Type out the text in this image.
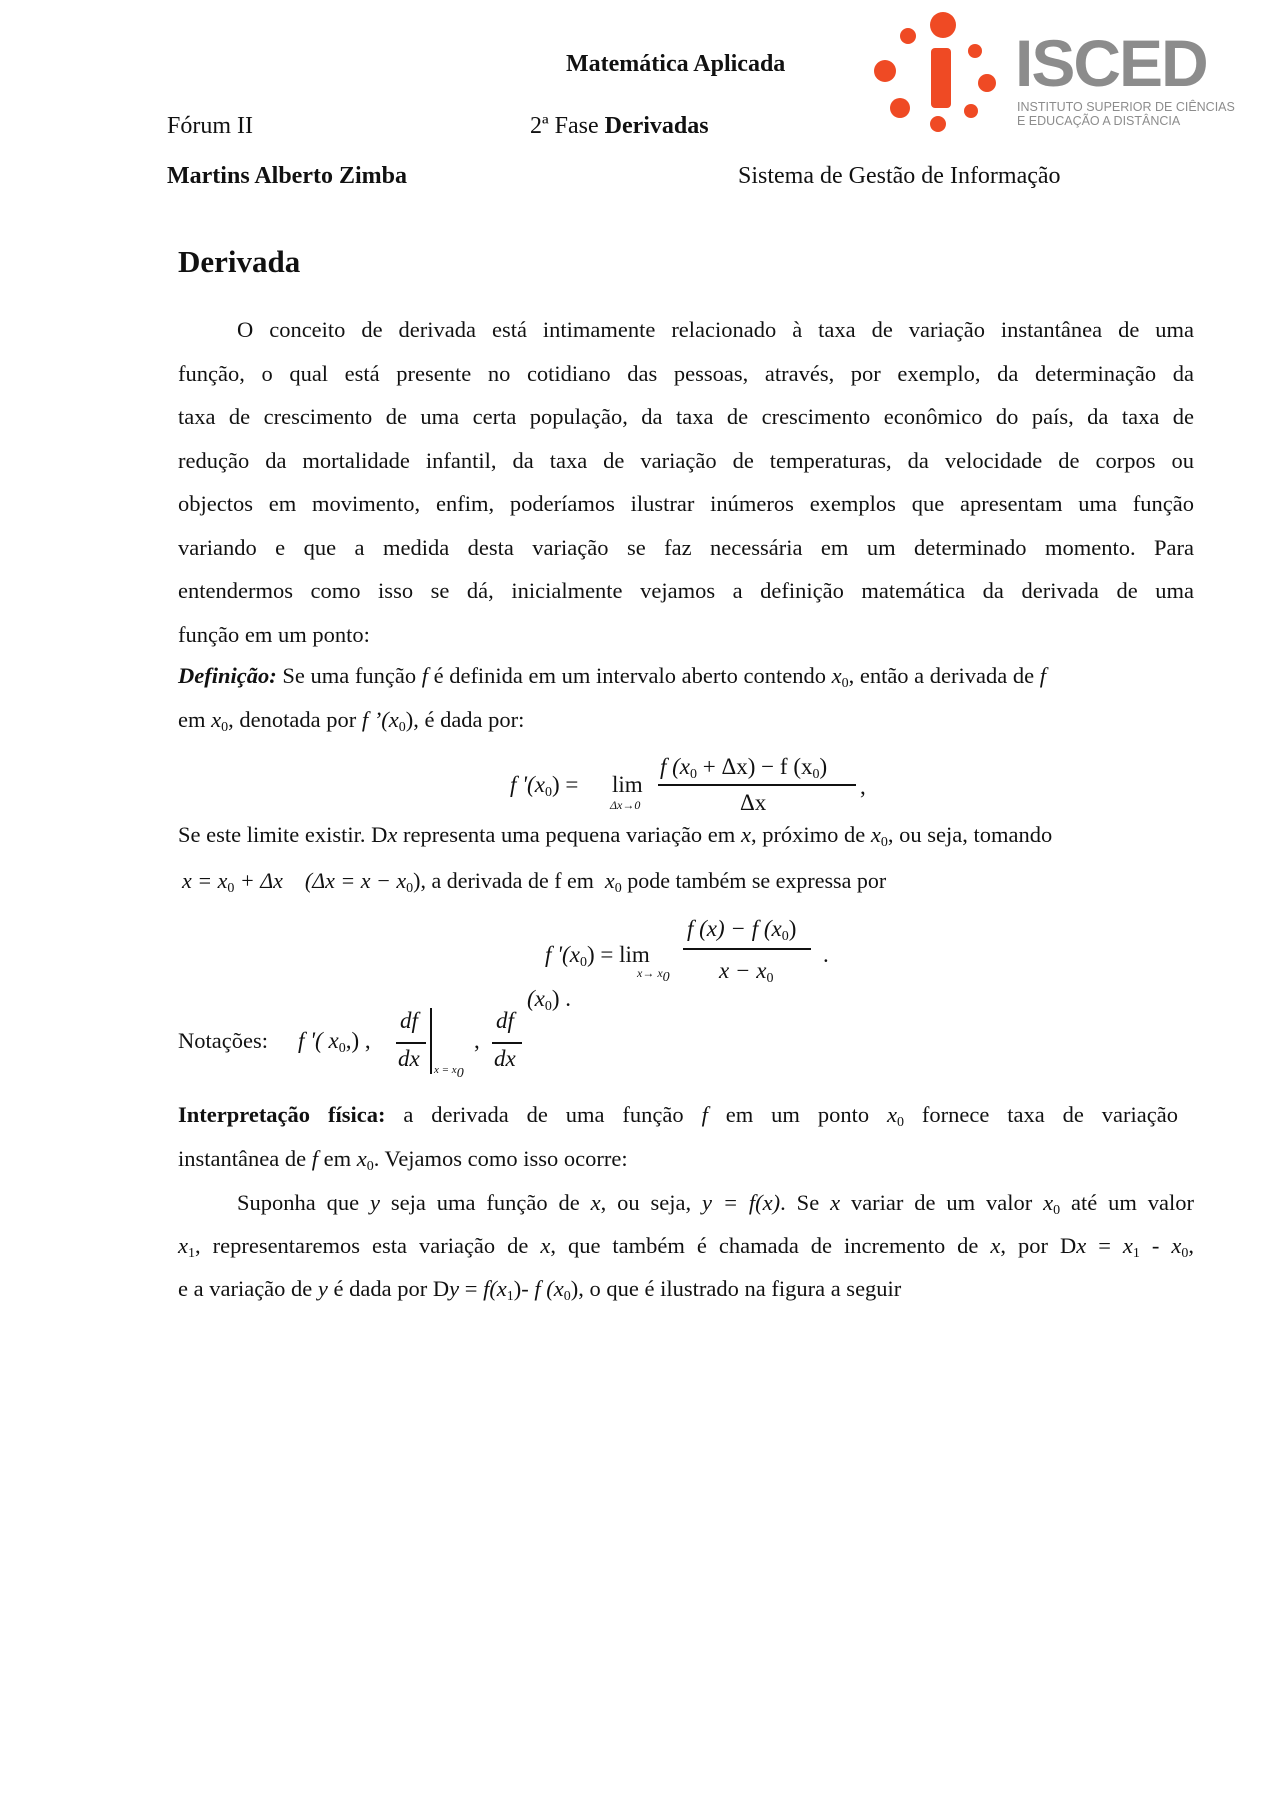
Matemática Aplicada
Fórum II	2ª Fase Derivadas
Martins Alberto Zimba	Sistema de Gestão de Informação
ISCED
INSTITUTO SUPERIOR DE CIÊNCIAS
E EDUCAÇÃO A DISTÂNCIA
Derivada
O conceito de derivada está intimamente relacionado à taxa de variação instantânea de uma
função, o qual está presente no cotidiano das pessoas, através, por exemplo, da determinação da
taxa de crescimento de uma certa população, da taxa de crescimento econômico do país, da taxa de
redução da mortalidade infantil, da taxa de variação de temperaturas, da velocidade de corpos ou
objectos em movimento, enfim, poderíamos ilustrar inúmeros exemplos que apresentam uma função
variando e que a medida desta variação se faz necessária em um determinado momento. Para
entendermos como isso se dá, inicialmente vejamos a definição matemática da derivada de uma
função em um ponto:
Definição: Se uma função f é definida em um intervalo aberto contendo $x_0$, então a derivada de f
em $x_0$, denotada por f $’(x_0)$, é dada por:
f '$(x_0) = \lim$
Δx→0
f $(x_0 + \Delta x) - f$ $(x_0)$
Δx
,
Se este limite existir. Dx representa uma pequena variação em x, próximo de $x_0$, ou seja, tomando
$x = x_0 + \Delta x$    $(\Delta x = x - x_0)$, a derivada de f em  $x_0$ pode também se expressa por
f '$(x_0) = \lim$
$x\to x_0$
f (x) − f $(x_0)$
$x - x_0$
.
$(x_0)$ .
Notações: f '( $x_0$,) ,
df
dx $x = x_0$
,
df
dx
Interpretação física: a derivada de uma função f em um ponto $x_0$ fornece taxa de variação
instantânea de f em $x_0$. Vejamos como isso ocorre:
Suponha que y seja uma função de x, ou seja, y = f(x). Se x variar de um valor $x_0$ até um valor
$x_1$, representaremos esta variação de x, que também é chamada de incremento de x, por $Dx = x_1 - x_0$,
e a variação de y é dada por $Dy = f(x_1)-$ f $(x_0)$, o que é ilustrado na figura a seguir
